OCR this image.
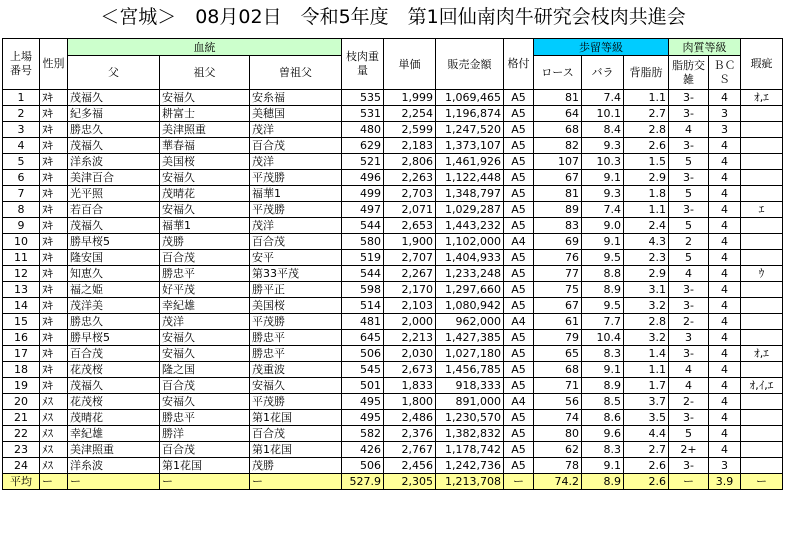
＜宮城＞　08月02日　令和5年度　第1回仙南肉牛研究会枝肉共進会
上場番号	性別	血統			枝肉重量	単価	販売金額	格付	歩留等級			肉質等級		瑕疵
		父	祖父	曽祖父					ロース	バラ	背脂肪	脂肪交雑	ＢＣＳ	

1	ﾇｷ	茂福久	安福久	安糸福	535	1,999	1,069,465	A5	81	7.4	1.1	3-	4	ｵ,ｴ
2	ﾇｷ	紀多福	耕富士	美穂国	531	2,254	1,196,874	A5	64	10.1	2.7	3-	3	
3	ﾇｷ	勝忠久	美津照重	茂洋	480	2,599	1,247,520	A5	68	8.4	2.8	4	3	
4	ﾇｷ	茂福久	華春福	百合茂	629	2,183	1,373,107	A5	82	9.3	2.6	3-	4	
5	ﾇｷ	洋糸波	美国桜	茂洋	521	2,806	1,461,926	A5	107	10.3	1.5	5	4	
6	ﾇｷ	美津百合	安福久	平茂勝	496	2,263	1,122,448	A5	67	9.1	2.9	3-	4	
7	ﾇｷ	光平照	茂晴花	福華1	499	2,703	1,348,797	A5	81	9.3	1.8	5	4	
8	ﾇｷ	若百合	安福久	平茂勝	497	2,071	1,029,287	A5	89	7.4	1.1	3-	4	ｴ
9	ﾇｷ	茂福久	福華1	茂洋	544	2,653	1,443,232	A5	83	9.0	2.4	5	4	
10	ﾇｷ	勝早桜5	茂勝	百合茂	580	1,900	1,102,000	A4	69	9.1	4.3	2	4	
11	ﾇｷ	隆安国	百合茂	安平	519	2,707	1,404,933	A5	76	9.5	2.3	5	4	
12	ﾇｷ	知恵久	勝忠平	第33平茂	544	2,267	1,233,248	A5	77	8.8	2.9	4	4	ｳ
13	ﾇｷ	福之姫	好平茂	勝平正	598	2,170	1,297,660	A5	75	8.9	3.1	3-	4	
14	ﾇｷ	茂洋美	幸紀雄	美国桜	514	2,103	1,080,942	A5	67	9.5	3.2	3-	4	
15	ﾇｷ	勝忠久	茂洋	平茂勝	481	2,000	962,000	A4	61	7.7	2.8	2-	4	
16	ﾇｷ	勝早桜5	安福久	勝忠平	645	2,213	1,427,385	A5	79	10.4	3.2	3	4	
17	ﾇｷ	百合茂	安福久	勝忠平	506	2,030	1,027,180	A5	65	8.3	1.4	3-	4	ｵ,ｴ
18	ﾇｷ	花茂桜	隆之国	茂重波	545	2,673	1,456,785	A5	68	9.1	1.1	4	4	
19	ﾇｷ	茂福久	百合茂	安福久	501	1,833	918,333	A5	71	8.9	1.7	4	4	ｵ,ｲ,ｴ
20	ﾒｽ	花茂桜	安福久	平茂勝	495	1,800	891,000	A4	56	8.5	3.7	2-	4	
21	ﾒｽ	茂晴花	勝忠平	第1花国	495	2,486	1,230,570	A5	74	8.6	3.5	3-	4	
22	ﾒｽ	幸紀雄	勝洋	百合茂	582	2,376	1,382,832	A5	80	9.6	4.4	5	4	
23	ﾒｽ	美津照重	百合茂	第1花国	426	2,767	1,178,742	A5	62	8.3	2.7	2+	4	
24	ﾒｽ	洋糸波	第1花国	茂勝	506	2,456	1,242,736	A5	78	9.1	2.6	3-	3	
平均	ー	ー	ー	ー	527.9	2,305	1,213,708	ー	74.2	8.9	2.6	ー	3.9	ー
